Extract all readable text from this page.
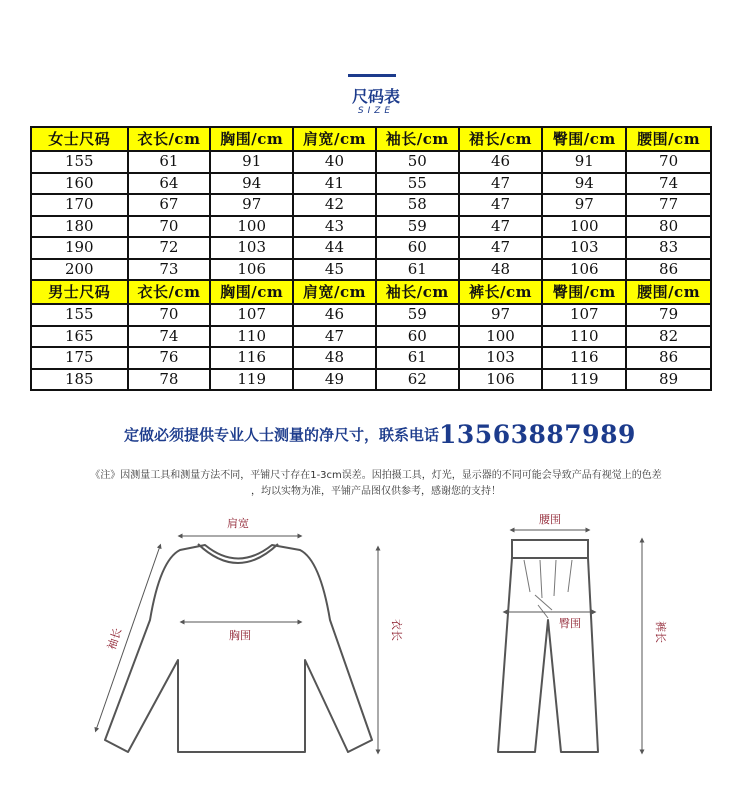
尺码表
SIZE
女士尺码	衣长/cm	胸围/cm	肩宽/cm	袖长/cm	裙长/cm	臀围/cm	腰围/cm
155	61	91	40	50	46	91	70
160	64	94	41	55	47	94	74
170	67	97	42	58	47	97	77
180	70	100	43	59	47	100	80
190	72	103	44	60	47	103	83
200	73	106	45	61	48	106	86
男士尺码	衣长/cm	胸围/cm	肩宽/cm	袖长/cm	裤长/cm	臀围/cm	腰围/cm
155	70	107	46	59	97	107	79
165	74	110	47	60	100	110	82
175	76	116	48	61	103	116	86
185	78	119	49	62	106	119	89
定做必须提供专业人士测量的净尺寸，联系电话13563887989
《注》因测量工具和测量方法不同，平铺尺寸存在1-3cm误差。因拍摄工具，灯光，显示器的不同可能会导致产品有视觉上的色差
，均以实物为准，平铺产品图仅供参考，感谢您的支持！
肩宽
胸围
袖长	衣长
腰围
臀围	裤长
